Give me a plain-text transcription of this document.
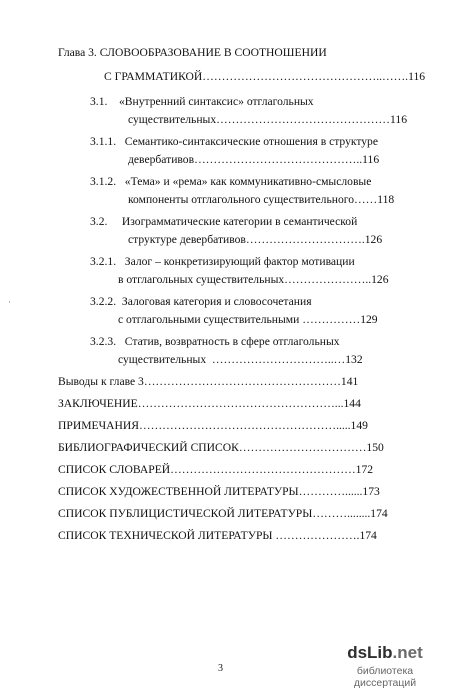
Глава 3. СЛОВООБРАЗОВАНИЕ В СООТНОШЕНИИ
С ГРАММАТИКОЙ………………………………………..…….116
3.1.    «Внутренний синтаксис» отглагольных
существительных………………………………………116
3.1.1.   Семантико-синтаксические отношения в структуре
девербативов……………………………………..116
3.1.2.   «Тема» и «рема» как коммуникативно-смысловые
компоненты отглагольного существительного……118
3.2.     Изограмматические категории в семантической
структуре девербативов………………………….126
3.2.1.   Залог – конкретизирующий фактор мотивации
в отглагольных существительных…………………..126
3.2.2.  Залоговая категория и словосочетания
с отглагольными существительными ……………129
3.2.3.   Статив, возвратность в сфере отглагольных
существительных  …………………………..…132
Выводы к главе 3……………………………………………141
ЗАКЛЮЧЕНИЕ……………………………………………...144
ПРИМЕЧАНИЯ…………………………………………….....149
БИБЛИОГРАФИЧЕСКИЙ СПИСОК……………………………150
СПИСОК СЛОВАРЕЙ…………………………………………172
СПИСОК ХУДОЖЕСТВЕННОЙ ЛИТЕРАТУРЫ…………......173
СПИСОК ПУБЛИЦИСТИЧЕСКОЙ ЛИТЕРАТУРЫ………........174
СПИСОК ТЕХНИЧЕСКОЙ ЛИТЕРАТУРЫ ………………….174
·
3
dsLib.net
библиотека диссертаций
